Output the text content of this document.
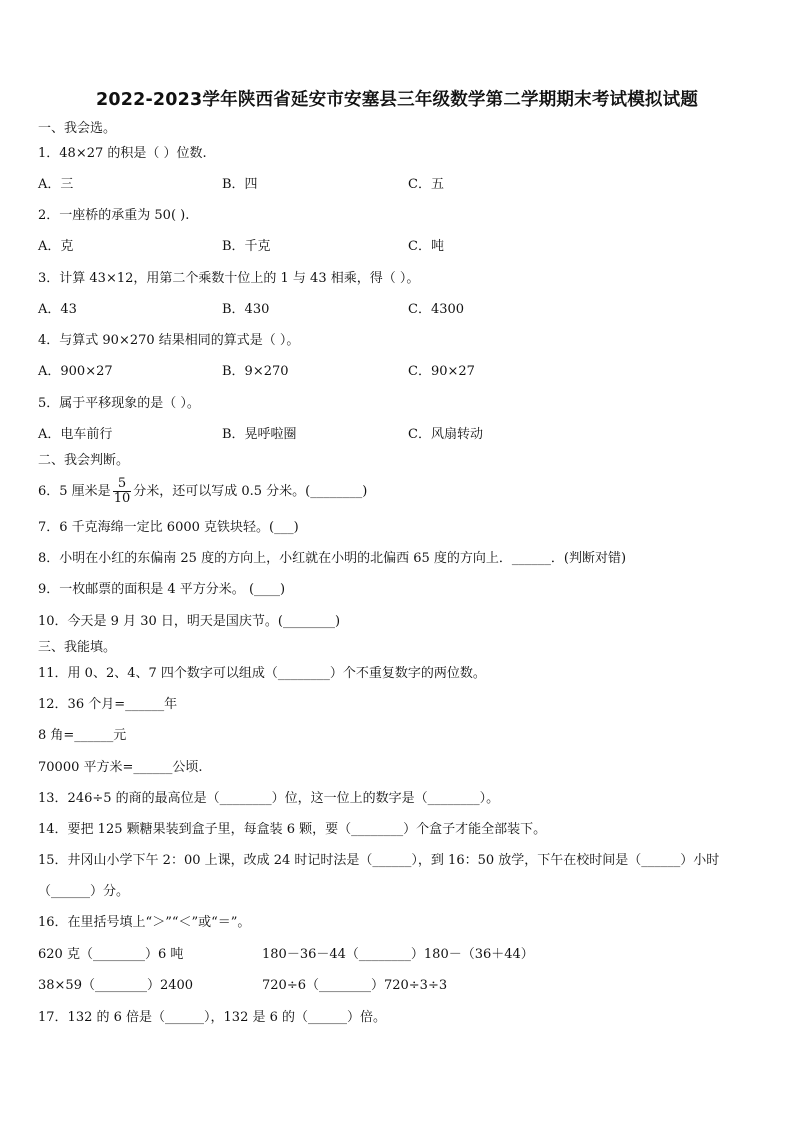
2022-2023学年陕西省延安市安塞县三年级数学第二学期期末考试模拟试题
一、我会选。
1．48×27 的积是（ ）位数.
A．三	B．四	C．五
2．一座桥的承重为 50( ).
A．克	B．千克	C．吨
3．计算 43×12，用第二个乘数十位上的 1 与 43 相乘，得（ ）。
A．43	B．430	C．4300
4．与算式 90×270 结果相同的算式是（ ）。
A．900×27	B．9×270	C．90×27
5．属于平移现象的是（ ）。
A．电车前行	B．晃呼啦圈	C．风扇转动
二、我会判断。
6．5 厘米是 $\frac{5}{10}$ 分米，还可以写成 0.5 分米。(________)
7．6 千克海绵一定比 6000 克铁块轻。(___)
8．小明在小红的东偏南 25 度的方向上，小红就在小明的北偏西 65 度的方向上．______．(判断对错)
9．一枚邮票的面积是 4 平方分米。 (____)
10．今天是 9 月 30 日，明天是国庆节。(________)
三、我能填。
11．用 0、2、4、7 四个数字可以组成（________）个不重复数字的两位数。
12．36 个月=______年
8 角=______元
70000 平方米=______公顷.
13．246÷5 的商的最高位是（________）位，这一位上的数字是（________）。
14．要把 125 颗糖果装到盒子里，每盒装 6 颗，要（________）个盒子才能全部装下。
15．井冈山小学下午 2：00 上课，改成 24 时记时法是（______），到 16：50 放学，下午在校时间是（______）小时
（______）分。
16．在里括号填上“＞”“＜”或“＝”。
620 克（________）6 吨	180－36－44（________）180－（36＋44）
38×59（________）2400	720÷6（________）720÷3÷3
17．132 的 6 倍是（______），132 是 6 的（______）倍。
